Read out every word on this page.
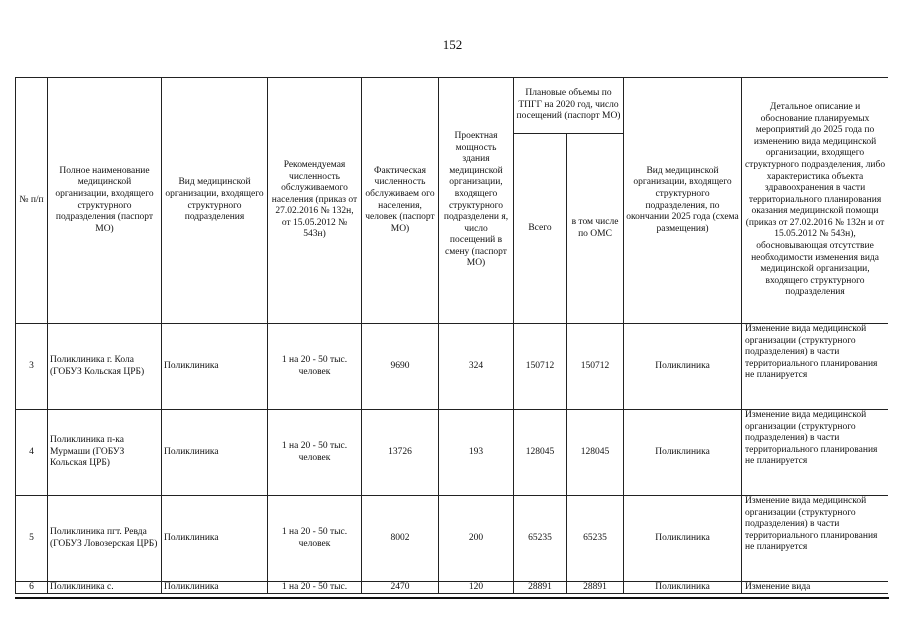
152
№ п/п	Полное наименование медицинской организации, входящего структурного подразделения (паспорт МО)	Вид медицинской организации, входящего структурного подразделения	Рекомендуемая численность обслуживаемого населения (приказ от 27.02.2016 № 132н, от 15.05.2012 № 543н)	Фактическая численность обслуживаем ого населения, человек (паспорт МО)	Проектная мощность здания медицинской организации, входящего структурного подразделени я, число посещений в смену (паспорт МО)	Плановые объемы по ТПГГ на 2020 год, число посещений (паспорт МО)		Вид медицинской организации, входящего структурного подразделения, по окончании 2025 года (схема размещения)	Детальное описание и обоснование планируемых мероприятий до 2025 года по изменению вида медицинской организации, входящего структурного подразделения, либо характеристика объекта здравоохранения в части территориального планирования оказания медицинской помощи (приказ от 27.02.2016 № 132н и от 15.05.2012 № 543н), обосновывающая отсутствие необходимости изменения вида медицинской организации, входящего структурного подразделения
						Всего	в том числе по ОМС		
3	Поликлиника г. Кола (ГОБУЗ Кольская ЦРБ)	Поликлиника	1 на 20 - 50 тыс. человек	9690	324	150712	150712	Поликлиника	Изменение вида медицинской организации (структурного подразделения) в части территориального планирования не планируется
4	Поликлиника п-ка Мурмаши (ГОБУЗ Кольская ЦРБ)	Поликлиника	1 на 20 - 50 тыс. человек	13726	193	128045	128045	Поликлиника	Изменение вида медицинской организации (структурного подразделения) в части территориального планирования не планируется
5	Поликлиника пгт. Ревда (ГОБУЗ Ловозерская ЦРБ)	Поликлиника	1 на 20 - 50 тыс. человек	8002	200	65235	65235	Поликлиника	Изменение вида медицинской организации (структурного подразделения) в части территориального планирования не планируется
6	Поликлиника с.	Поликлиника	1 на 20 - 50 тыс.	2470	120	28891	28891	Поликлиника	Изменение вида
